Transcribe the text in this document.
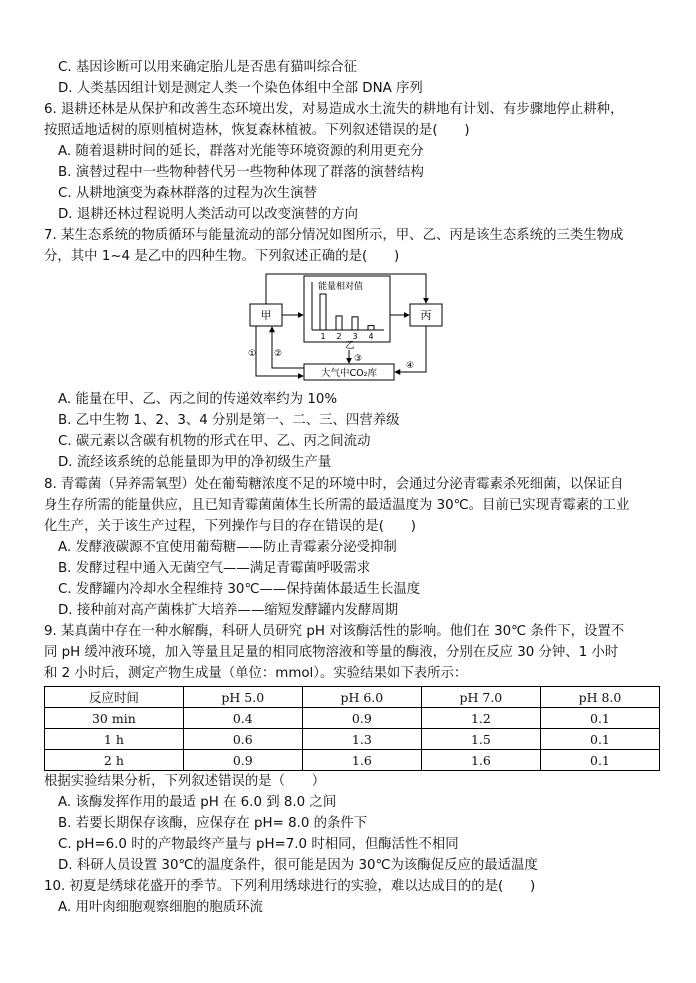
C. 基因诊断可以用来确定胎儿是否患有猫叫综合征
D. 人类基因组计划是测定人类一个染色体组中全部 DNA 序列
6. 退耕还林是从保护和改善生态环境出发，对易造成水土流失的耕地有计划、有步骤地停止耕种，
按照适地适树的原则植树造林，恢复森林植被。下列叙述错误的是(　　)
A. 随着退耕时间的延长，群落对光能等环境资源的利用更充分
B. 演替过程中一些物种替代另一些物种体现了群落的演替结构
C. 从耕地演变为森林群落的过程为次生演替
D. 退耕还林过程说明人类活动可以改变演替的方向
7. 某生态系统的物质循环与能量流动的部分情况如图所示，甲、乙、丙是该生态系统的三类生物成
分，其中 1~4 是乙中的四种生物。下列叙述正确的是(　　)
甲	丙
能量相对值
1 2 3 4
乙
大气中CO₂库
① ②	③
④
A. 能量在甲、乙、丙之间的传递效率约为 10%
B. 乙中生物 1、2、3、4 分别是第一、二、三、四营养级
C. 碳元素以含碳有机物的形式在甲、乙、丙之间流动
D. 流经该系统的总能量即为甲的净初级生产量
8. 青霉菌（异养需氧型）处在葡萄糖浓度不足的环境中时，会通过分泌青霉素杀死细菌，以保证自
身生存所需的能量供应，且已知青霉菌菌体生长所需的最适温度为 30℃。目前已实现青霉素的工业
化生产，关于该生产过程，下列操作与目的存在错误的是(　　)
A. 发酵液碳源不宜使用葡萄糖——防止青霉素分泌受抑制
B. 发酵过程中通入无菌空气——满足青霉菌呼吸需求
C. 发酵罐内冷却水全程维持 30℃——保持菌体最适生长温度
D. 接种前对高产菌株扩大培养——缩短发酵罐内发酵周期
9. 某真菌中存在一种水解酶，科研人员研究 pH 对该酶活性的影响。他们在 30℃ 条件下，设置不
同 pH 缓冲液环境，加入等量且足量的相同底物溶液和等量的酶液，分别在反应 30 分钟、1 小时
和 2 小时后，测定产物生成量（单位：mmol）。实验结果如下表所示：
反应时间	pH 5.0	pH 6.0	pH 7.0	pH 8.0
30 min	0.4	0.9	1.2	0.1
1 h	0.6	1.3	1.5	0.1
2 h	0.9	1.6	1.6	0.1
根据实验结果分析，下列叙述错误的是（　　）
A. 该酶发挥作用的最适 pH 在 6.0 到 8.0 之间
B. 若要长期保存该酶，应保存在 pH= 8.0 的条件下
C. pH=6.0 时的产物最终产量与 pH=7.0 时相同，但酶活性不相同
D. 科研人员设置 30℃的温度条件，很可能是因为 30℃为该酶促反应的最适温度
10. 初夏是绣球花盛开的季节。下列利用绣球进行的实验，难以达成目的的是(　　)
A. 用叶肉细胞观察细胞的胞质环流
